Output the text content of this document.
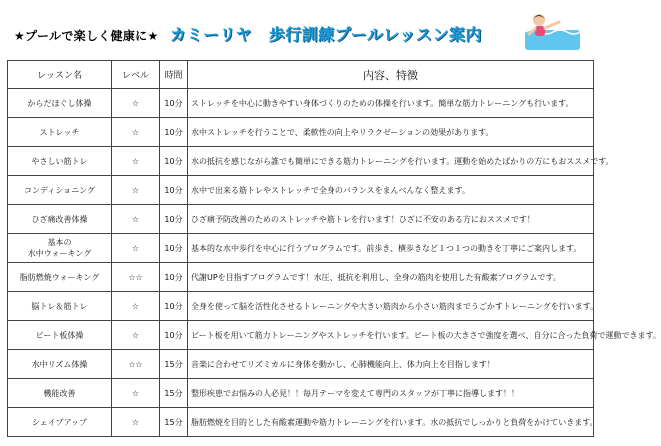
★プールで楽しく健康に★ カミーリヤ　歩行訓練プールレッスン案内
レッスン名	レベル	時間	内容、特徴

からだほぐし体操	☆	10分	ストレッチを中心に動きやすい身体づくりのための体操を行います。簡単な筋力トレーニングも行います。

ストレッチ	☆	10分	水中ストレッチを行うことで、柔軟性の向上やリラクゼーションの効果があります。

やさしい筋トレ	☆	10分	水の抵抗を感じながら誰でも簡単にできる筋力トレーニングを行います。運動を始めたばかりの方にもおススメです。

コンディショニング	☆	10分	水中で出来る筋トレやストレッチで全身のバランスをまんべんなく整えます。

ひざ痛改善体操	☆	10分	ひざ痛予防改善のためのストレッチや筋トレを行います！ひざに不安のある方におススメです！

基本の
水中ウォーキング	☆	10分	基本的な水中歩行を中心に行うプログラムです。前歩き、横歩きなど１つ１つの動きを丁寧にご案内します。

脂肪燃焼ウォーキング	☆☆	10分	代謝UPを目指すプログラムです！水圧、抵抗を利用し、全身の筋肉を使用した有酸素プログラムです。

脳トレ＆筋トレ	☆	10分	全身を使って脳を活性化させるトレーニングや大きい筋肉から小さい筋肉までうごかすトレーニングを行います。

ビート板体操	☆	10分	ビート板を用いて筋力トレーニングやストレッチを行います。ビート板の大きさで強度を選べ、自分に合った負荷で運動できます。

水中リズム体操	☆☆	15分	音楽に合わせてリズミカルに身体を動かし、心肺機能向上、体力向上を目指します！

機能改善	☆	15分	整形疾患でお悩みの人必見！！毎月テーマを変えて専門のスタッフが丁寧に指導します！！

シェイプアップ	☆	15分	脂肪燃焼を目的とした有酸素運動や筋力トレーニングを行います。水の抵抗でしっかりと負荷をかけていきます。
